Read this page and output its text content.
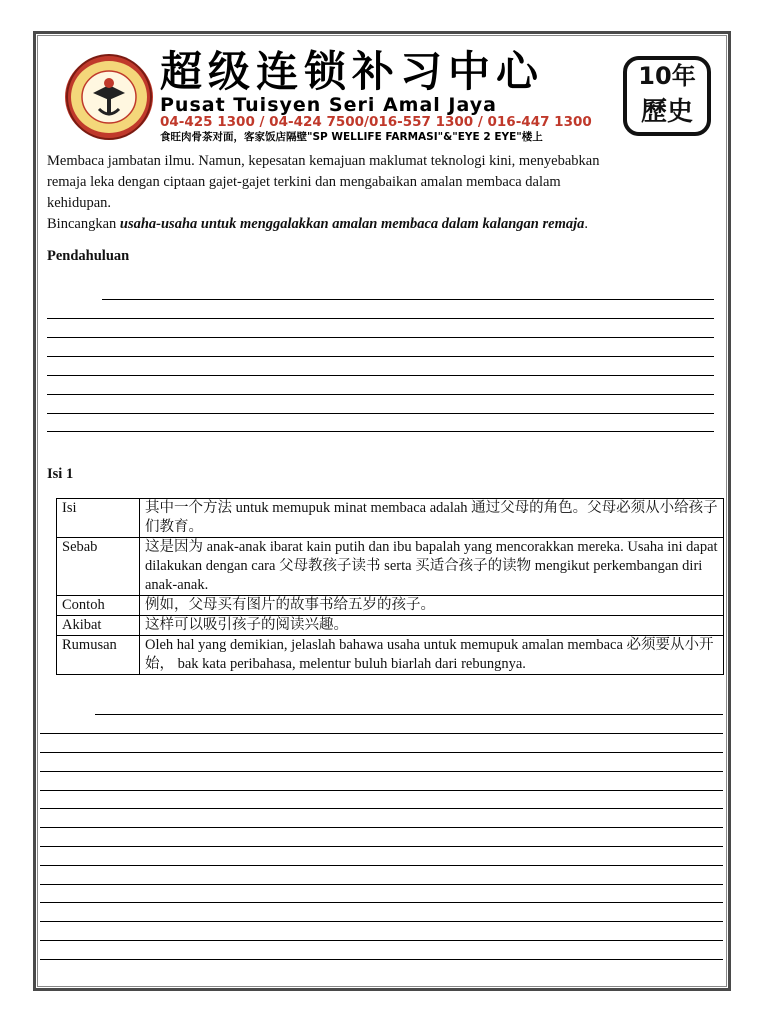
超级连锁补习中心
Pusat Tuisyen Seri Amal Jaya
04-425 1300 / 04-424 7500/016-557 1300 / 016-447 1300
食旺肉骨茶对面，客家饭店隔壁"SP WELLIFE FARMASI"&"EYE 2 EYE"楼上
10年
歷史

Membaca jambatan ilmu. Namun, kepesatan kemajuan maklumat teknologi kini, menyebabkan

remaja leka dengan ciptaan gajet-gajet terkini dan mengabaikan amalan membaca dalam

kehidupan.

Bincangkan usaha-usaha untuk menggalakkan amalan membaca dalam kalangan remaja.

Pendahuluan
Isi 1
Isi	其中一个方法 untuk memupuk minat membaca adalah 通过父母的角色。父母必须从小给孩子们教育。
Sebab	这是因为 anak-anak ibarat kain putih dan ibu bapalah yang mencorakkan mereka. Usaha ini dapat dilakukan dengan cara 父母教孩子读书 serta 买适合孩子的读物 mengikut perkembangan diri anak-anak.
Contoh	例如，父母买有图片的故事书给五岁的孩子。
Akibat	这样可以吸引孩子的阅读兴趣。
Rumusan	Oleh hal yang demikian, jelaslah bahawa usaha untuk memupuk amalan membaca 必须要从小开始， bak kata peribahasa, melentur buluh biarlah dari rebungnya.
